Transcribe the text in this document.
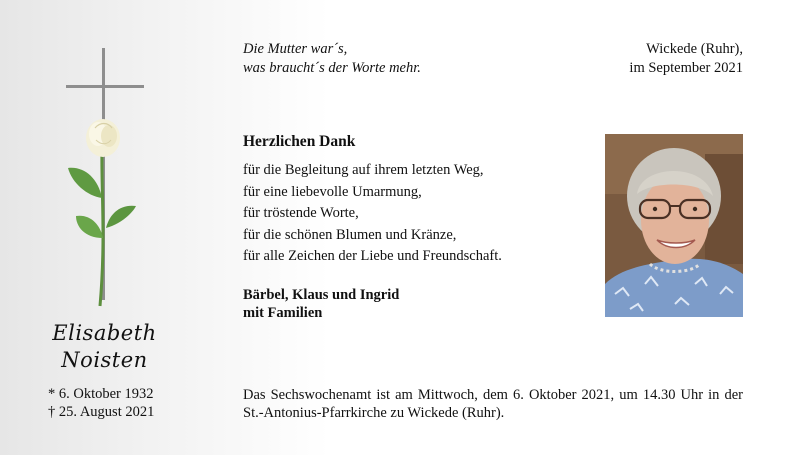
Die Mutter war´s,
was braucht´s der Worte mehr.
Wickede (Ruhr),
im September 2021
Herzlichen Dank
für die Begleitung auf ihrem letzten Weg,
für eine liebevolle Umarmung,
für tröstende Worte,
für die schönen Blumen und Kränze,
für alle Zeichen der Liebe und Freundschaft.
Bärbel, Klaus und Ingrid
mit Familien
Elisabeth
Noisten
* 6. Oktober 1932
† 25. August 2021
Das Sechswochenamt ist am Mittwoch, dem 6. Oktober 2021, um 14.30 Uhr in der
St.-Antonius-Pfarrkirche zu Wickede (Ruhr).
